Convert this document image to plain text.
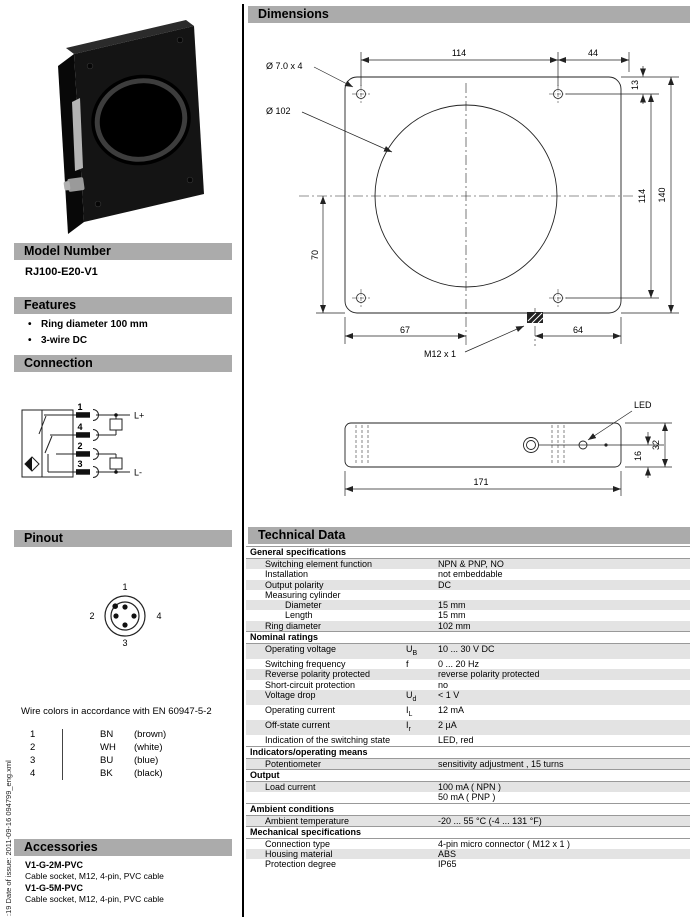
:19 Date of issue: 2011-09-16 094799_eng.xml
Model Number
RJ100-E20-V1
Features
• Ring diameter 100 mm
• 3-wire DC
Connection
1
4
2
3
L+
L-
Pinout
1
2
3
4
Wire colors in accordance with EN 60947-5-2
1	BN	(brown)
2	WH	(white)
3	BU	(blue)
4	BK	(black)
Accessories
V1-G-2M-PVC
Cable socket, M12, 4-pin, PVC cable
V1-G-5M-PVC
Cable socket, M12, 4-pin, PVC cable
Dimensions
Ø 7.0 x 4
Ø 102
114	44
13
114 140
70
67	64
M12 x 1
LED
171
32
16
Technical Data
General specifications
Switching element function	NPN & PNP, NO
Installation	not embeddable
Output polarity	DC
Measuring cylinder
Diameter	15 mm
Length	15 mm
Ring diameter	102 mm
Nominal ratings
Operating voltage	$U_B$	10 ... 30 V DC
Switching frequency	f	0 ... 20 Hz
Reverse polarity protected	reverse polarity protected
Short-circuit protection	no
Voltage drop	$U_d$	< 1 V
Operating current	$I_L$	12 mA
Off-state current	$I_r$	2 µA
Indication of the switching state	LED, red
Indicators/operating means
Potentiometer	sensitivity adjustment , 15 turns
Output
Load current	100 mA ( NPN )
50 mA ( PNP )
Ambient conditions
Ambient temperature	-20 ... 55 °C (-4 ... 131 °F)
Mechanical specifications
Connection type	4-pin micro connector ( M12 x 1 )
Housing material	ABS
Protection degree	IP65
